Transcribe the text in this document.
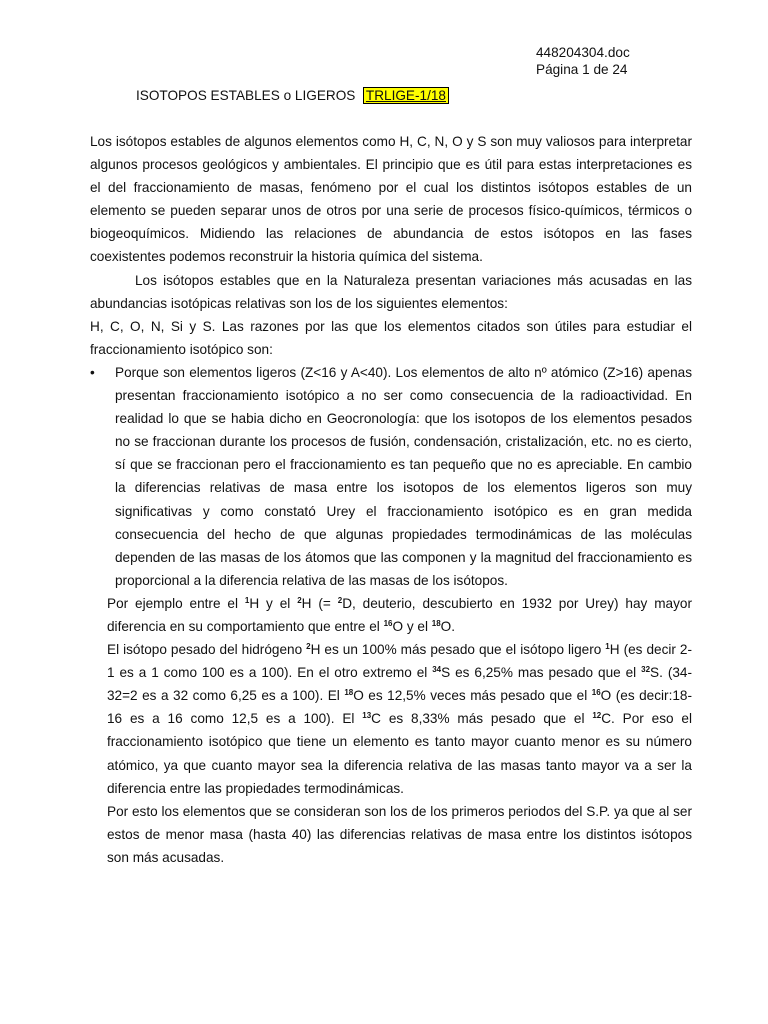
448204304.doc
Página 1 de 24
ISOTOPOS ESTABLES o LIGEROS TRLIGE-1/18

Los isótopos estables de algunos elementos como H, C, N, O y S son muy valiosos para interpretar algunos procesos geológicos y ambientales. El principio que es útil para estas interpretaciones es el del fraccionamiento de masas, fenómeno por el cual los distintos isótopos estables de un elemento se pueden separar unos de otros por una serie de procesos físico-químicos, térmicos o biogeoquímicos. Midiendo las relaciones de abundancia de estos isótopos en las fases coexistentes podemos reconstruir la historia química del sistema.

Los isótopos estables que en la Naturaleza presentan variaciones más acusadas en las abundancias isotópicas relativas son los de los siguientes elementos:

H, C, O, N, Si y S. Las razones por las que los elementos citados son útiles para estudiar el fraccionamiento isotópico son:

• Porque son elementos ligeros (Z<16 y A<40). Los elementos de alto nº atómico (Z>16) apenas presentan fraccionamiento isotópico a no ser como consecuencia de la radioactividad. En realidad lo que se habia dicho en Geocronología: que los isotopos de los elementos pesados no se fraccionan durante los procesos de fusión, condensación, cristalización, etc. no es cierto, sí que se fraccionan pero el fraccionamiento es tan pequeño que no es apreciable. En cambio la diferencias relativas de masa entre los isotopos de los elementos ligeros son muy significativas y como constató Urey el fraccionamiento isotópico es en gran medida consecuencia del hecho de que algunas propiedades termodinámicas de las moléculas dependen de las masas de los átomos que las componen y la magnitud del fraccionamiento es proporcional a la diferencia relativa de las masas de los isótopos.

Por ejemplo entre el $^1$H y el $^2$H (= $^2$D, deuterio, descubierto en 1932 por Urey) hay mayor diferencia en su comportamiento que entre el $^{16}$O y el $^{18}$O.

El isótopo pesado del hidrógeno $^2$H es un 100% más pesado que el isótopo ligero $^1$H (es decir 2-1 es a 1 como 100 es a 100). En el otro extremo el $^{34}$S es 6,25% mas pesado que el $^{32}$S. (34-32=2 es a 32 como 6,25 es a 100). El $^{18}$O es 12,5% veces más pesado que el $^{16}$O (es decir:18-16 es a 16 como 12,5 es a 100). El $^{13}$C es 8,33% más pesado que el $^{12}$C. Por eso el fraccionamiento isotópico que tiene un elemento es tanto mayor cuanto menor es su número atómico, ya que cuanto mayor sea la diferencia relativa de las masas tanto mayor va a ser la diferencia entre las propiedades termodinámicas.

Por esto los elementos que se consideran son los de los primeros periodos del S.P. ya que al ser estos de menor masa (hasta 40) las diferencias relativas de masa entre los distintos isótopos son más acusadas.
